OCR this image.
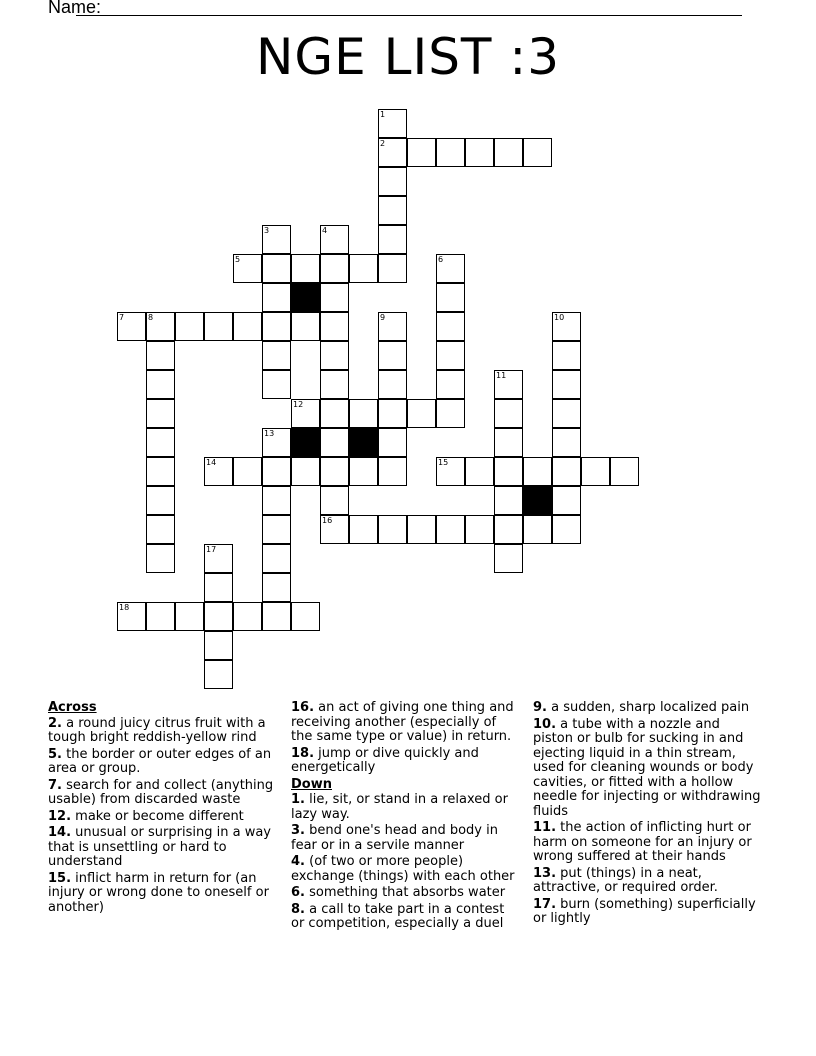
Name:
NGE LIST :3
2
5
7	8
12
14	15
16
18
1
3	4
6
9	10
11
13
17
Across
2. a round juicy citrus fruit with a tough bright reddish-yellow rind
5. the border or outer edges of an area or group.
7. search for and collect (anything usable) from discarded waste
12. make or become different
14. unusual or surprising in a way that is unsettling or hard to understand
15. inflict harm in return for (an injury or wrong done to oneself or another)
16. an act of giving one thing and receiving another (especially of the same type or value) in return.
18. jump or dive quickly and energetically
Down
1. lie, sit, or stand in a relaxed or lazy way.
3. bend one's head and body in fear or in a servile manner
4. (of two or more people) exchange (things) with each other
6. something that absorbs water
8. a call to take part in a contest or competition, especially a duel
9. a sudden, sharp localized pain
10. a tube with a nozzle and piston or bulb for sucking in and ejecting liquid in a thin stream, used for cleaning wounds or body cavities, or fitted with a hollow needle for injecting or withdrawing fluids
11. the action of inflicting hurt or harm on someone for an injury or wrong suffered at their hands
13. put (things) in a neat, attractive, or required order.
17. burn (something) superficially or lightly
